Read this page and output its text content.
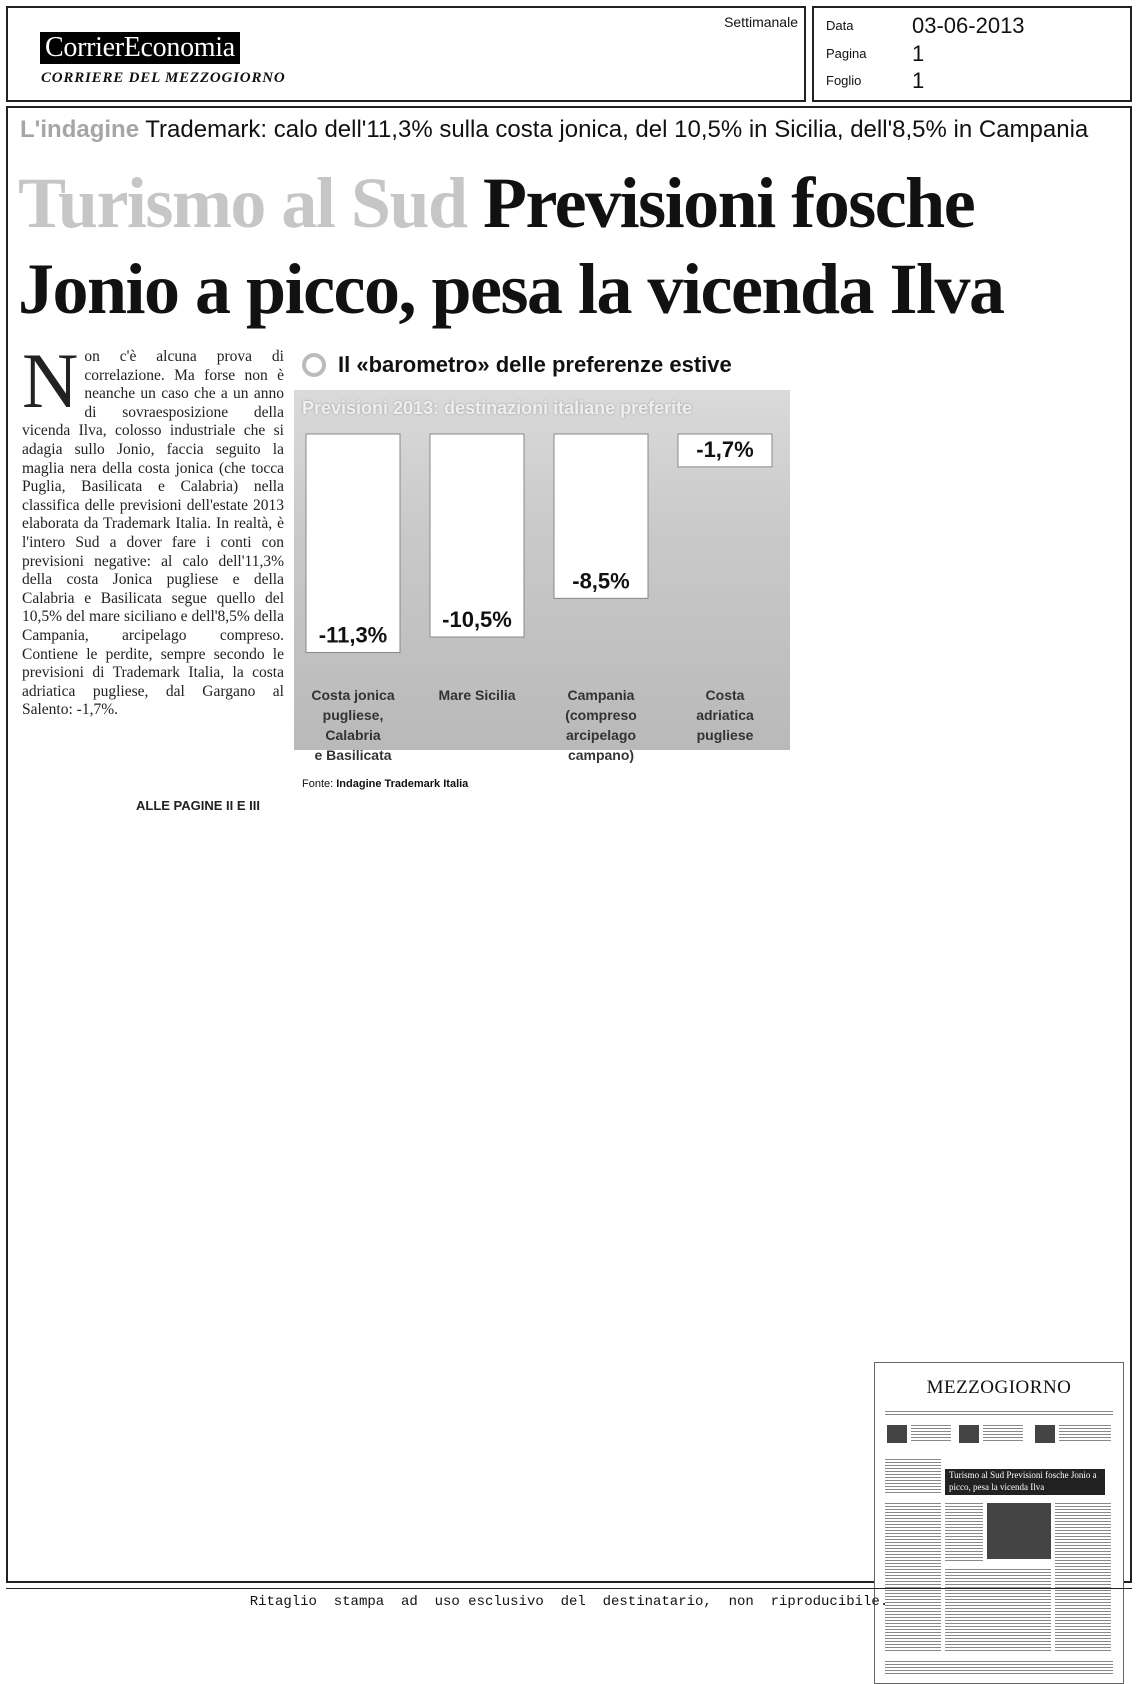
CorrierEconomia
CORRIERE DEL MEZZOGIORNO
Settimanale Data	03-06-2013
Pagina 1
Foglio 1
L'indagine Trademark: calo dell'11,3% sulla costa jonica, del 10,5% in Sicilia, dell'8,5% in Campania
Turismo al Sud Previsioni fosche
Jonio a picco, pesa la vicenda Ilva
N on c'è alcuna prova di correlazione. Ma forse non è neanche un caso che a un anno di sovraesposizione della vicenda Ilva, colosso industriale che si adagia sullo Jonio, faccia seguito la maglia nera della costa jonica (che tocca Puglia, Basilicata e Calabria) nella classifica delle previsioni dell'estate 2013 elaborata da Trademark Italia. In realtà, è l'intero Sud a dover fare i conti con previsioni negative: al calo dell'11,3% della costa Jonica pugliese e della Calabria e Basilicata segue quello del 10,5% del mare siciliano e dell'8,5% della Campania, arcipelago compreso. Contiene le perdite, sempre secondo le previsioni di Trademark Italia, la costa adriatica pugliese, dal Gargano al Salento: -1,7%.
ALLE PAGINE II E III
Il «barometro» delle preferenze estive
Previsioni 2013: destinazioni italiane preferite
-11,3%
Costa jonica pugliese, Calabria e Basilicata
-10,5%
Mare Sicilia
-8,5%
Campania (compreso arcipelago campano)
-1,7%
Costa adriatica pugliese
Fonte: Indagine Trademark Italia
MEZZOGIORNO
Turismo al Sud Previsioni fosche Jonio a picco, pesa la vicenda Ilva
Ritaglio  stampa  ad  uso esclusivo  del  destinatario,  non  riproducibile.
